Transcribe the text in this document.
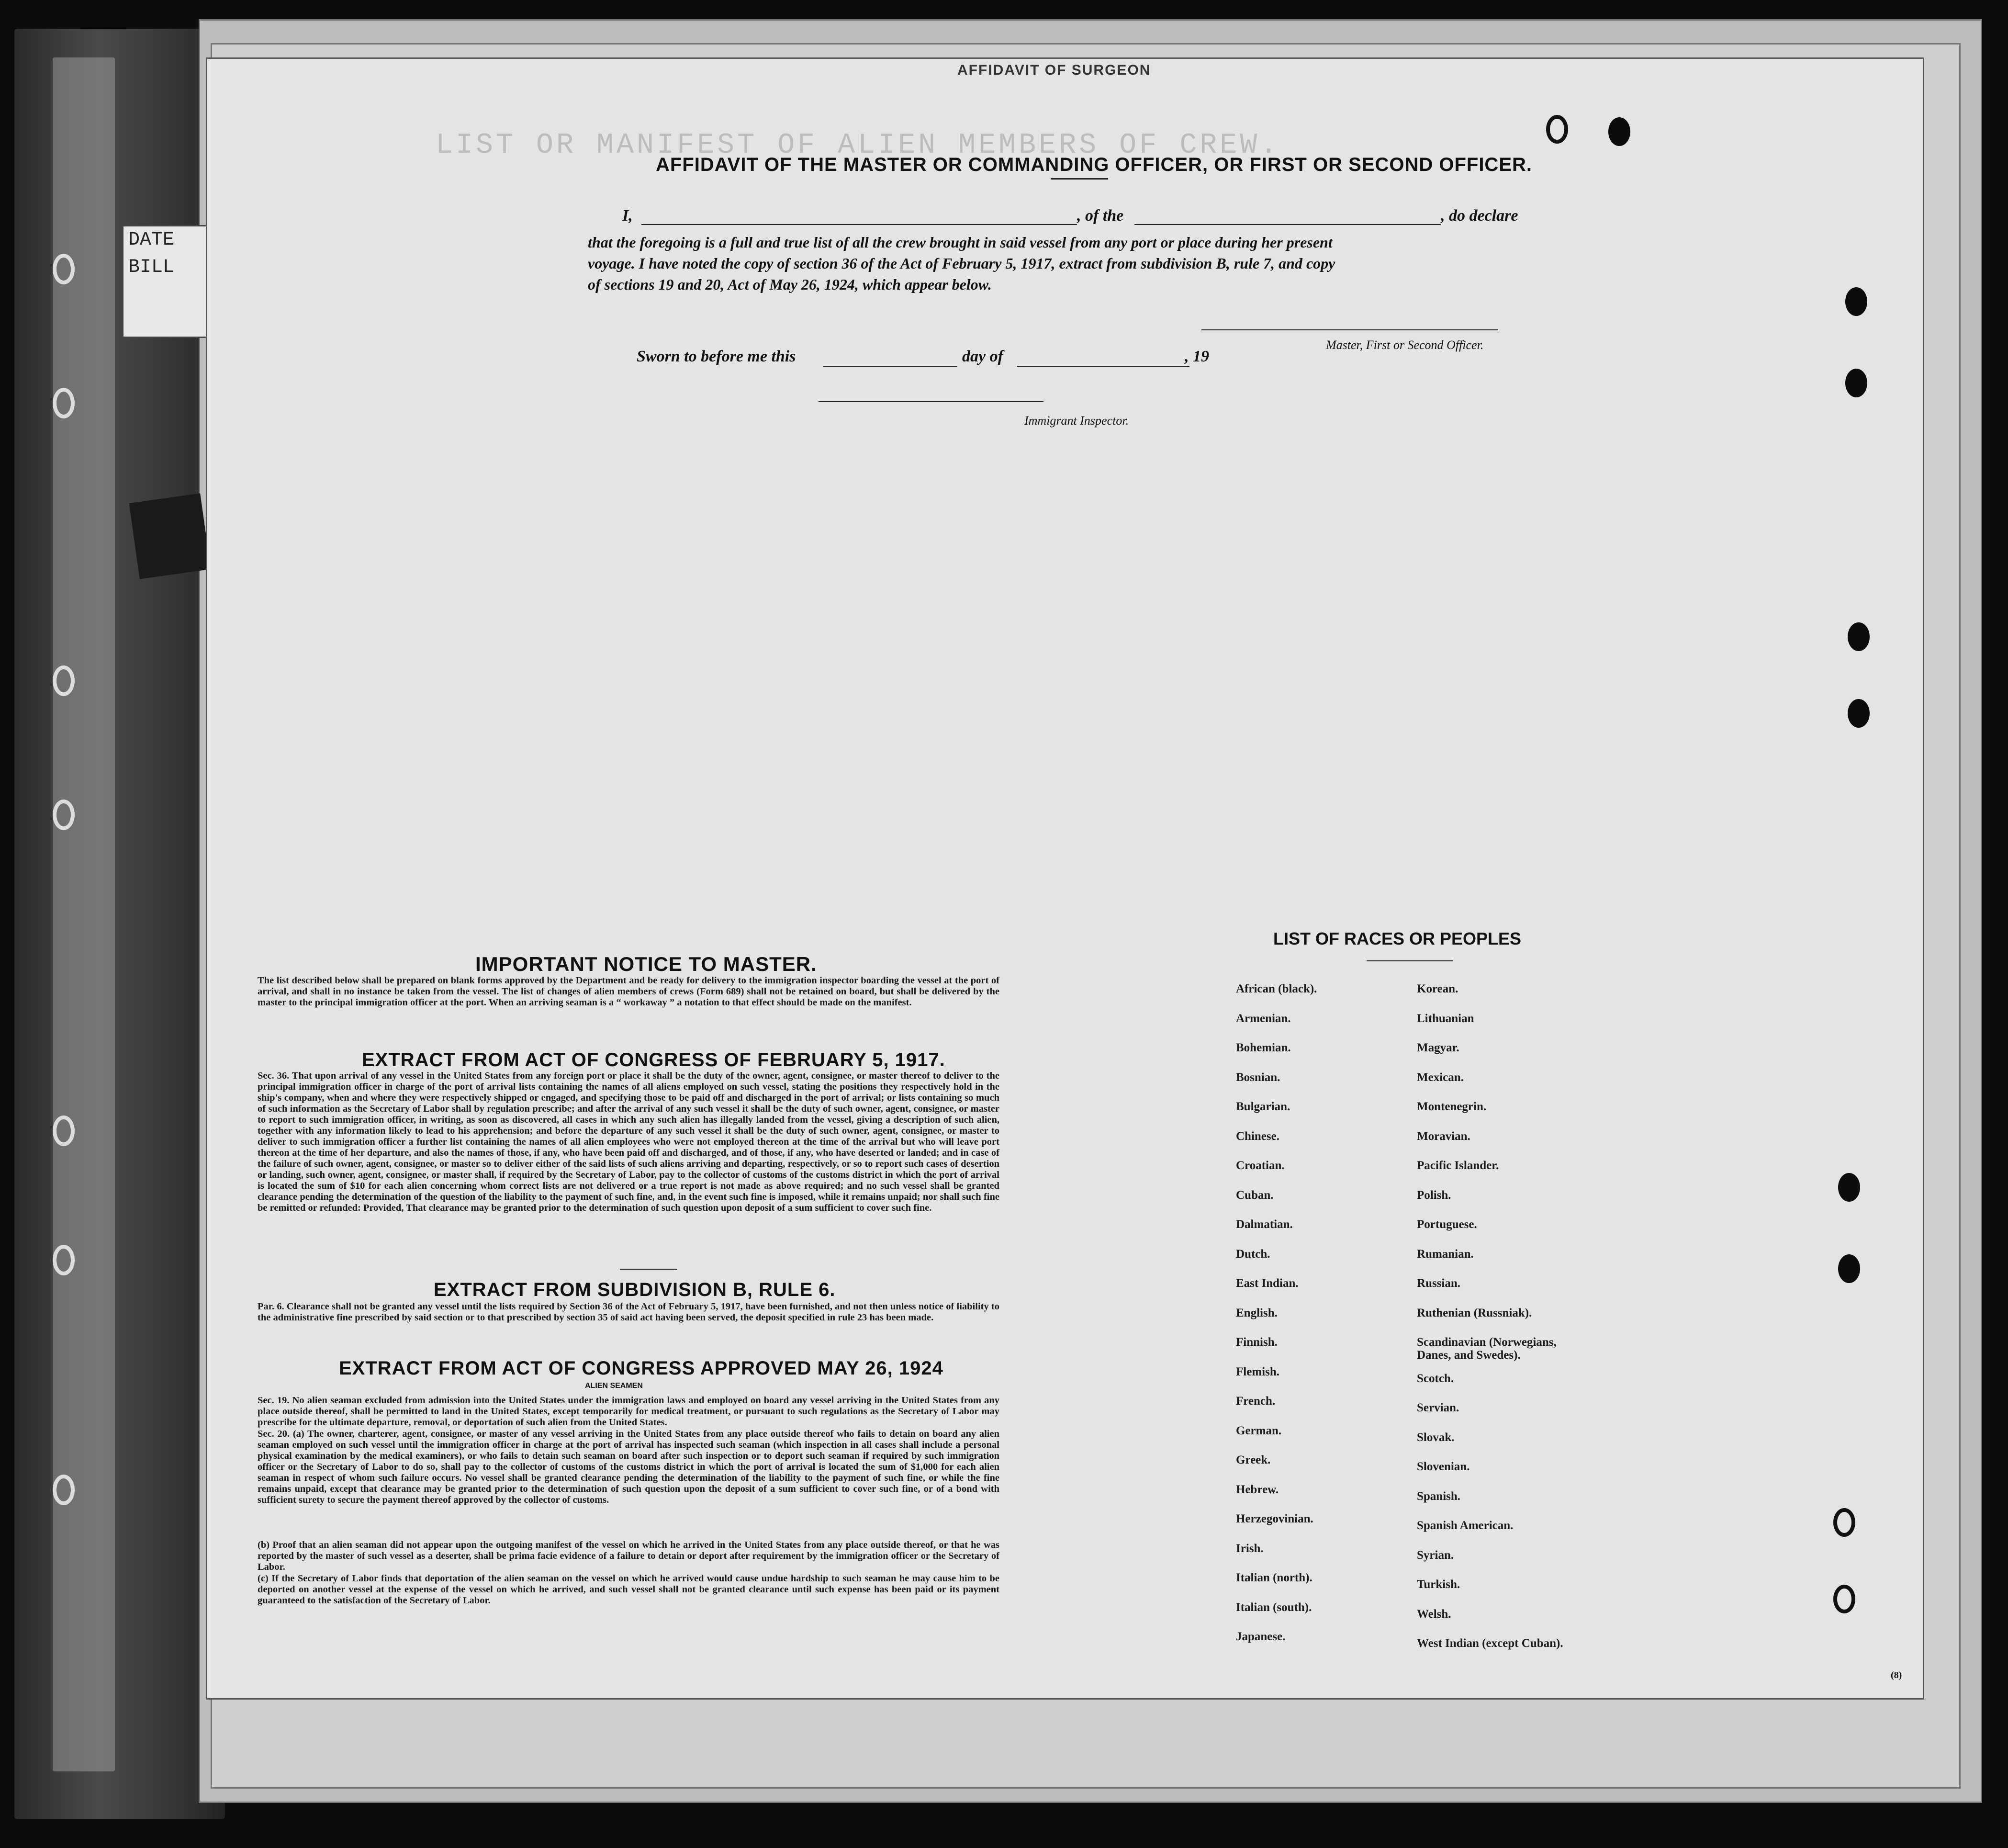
DATE
BILL
AFFIDAVIT OF SURGEON
LIST OR MANIFEST OF ALIEN MEMBERS OF CREW.
AFFIDAVIT OF THE MASTER OR COMMANDING OFFICER, OR FIRST OR SECOND OFFICER.
I,	, of the	, do declare
that the foregoing is a full and true list of all the crew brought in said vessel from any port or place during her present
voyage. I have noted the copy of section 36 of the Act of February 5, 1917, extract from subdivision B, rule 7, and copy
of sections 19 and 20, Act of May 26, 1924, which appear below.
Master, First or Second Officer.
Sworn to before me this	day of	, 19
Immigrant Inspector.
IMPORTANT NOTICE TO MASTER.
The list described below shall be prepared on blank forms approved by the Department and be ready for delivery to the immigration inspector boarding the vessel at the port of arrival, and shall in no instance be taken from the vessel. The list of changes of alien members of crews (Form 689) shall not be retained on board, but shall be delivered by the master to the principal immigration officer at the port. When an arriving seaman is a “ workaway ” a notation to that effect should be made on the manifest.
EXTRACT FROM ACT OF CONGRESS OF FEBRUARY 5, 1917.
Sec. 36. That upon arrival of any vessel in the United States from any foreign port or place it shall be the duty of the owner, agent, consignee, or master thereof to deliver to the principal immigration officer in charge of the port of arrival lists containing the names of all aliens employed on such vessel, stating the positions they respectively hold in the ship's company, when and where they were respectively shipped or engaged, and specifying those to be paid off and discharged in the port of arrival; or lists containing so much of such information as the Secretary of Labor shall by regulation prescribe; and after the arrival of any such vessel it shall be the duty of such owner, agent, consignee, or master to report to such immigration officer, in writing, as soon as discovered, all cases in which any such alien has illegally landed from the vessel, giving a description of such alien, together with any information likely to lead to his apprehension; and before the departure of any such vessel it shall be the duty of such owner, agent, consignee, or master to deliver to such immigration officer a further list containing the names of all alien employees who were not employed thereon at the time of the arrival but who will leave port thereon at the time of her departure, and also the names of those, if any, who have been paid off and discharged, and of those, if any, who have deserted or landed; and in case of the failure of such owner, agent, consignee, or master so to deliver either of the said lists of such aliens arriving and departing, respectively, or so to report such cases of desertion or landing, such owner, agent, consignee, or master shall, if required by the Secretary of Labor, pay to the collector of customs of the customs district in which the port of arrival is located the sum of $10 for each alien concerning whom correct lists are not delivered or a true report is not made as above required; and no such vessel shall be granted clearance pending the determination of the question of the liability to the payment of such fine, and, in the event such fine is imposed, while it remains unpaid; nor shall such fine be remitted or refunded: Provided, That clearance may be granted prior to the determination of such question upon deposit of a sum sufficient to cover such fine.
EXTRACT FROM SUBDIVISION B, RULE 6.
Par. 6. Clearance shall not be granted any vessel until the lists required by Section 36 of the Act of February 5, 1917, have been furnished, and not then unless notice of liability to the administrative fine prescribed by said section or to that prescribed by section 35 of said act having been served, the deposit specified in rule 23 has been made.
EXTRACT FROM ACT OF CONGRESS APPROVED MAY 26, 1924
ALIEN SEAMEN
Sec. 19. No alien seaman excluded from admission into the United States under the immigration laws and employed on board any vessel arriving in the United States from any place outside thereof, shall be permitted to land in the United States, except temporarily for medical treatment, or pursuant to such regulations as the Secretary of Labor may prescribe for the ultimate departure, removal, or deportation of such alien from the United States.
Sec. 20. (a) The owner, charterer, agent, consignee, or master of any vessel arriving in the United States from any place outside thereof who fails to detain on board any alien seaman employed on such vessel until the immigration officer in charge at the port of arrival has inspected such seaman (which inspection in all cases shall include a personal physical examination by the medical examiners), or who fails to detain such seaman on board after such inspection or to deport such seaman if required by such immigration officer or the Secretary of Labor to do so, shall pay to the collector of customs of the customs district in which the port of arrival is located the sum of $1,000 for each alien seaman in respect of whom such failure occurs. No vessel shall be granted clearance pending the determination of the liability to the payment of such fine, or while the fine remains unpaid, except that clearance may be granted prior to the determination of such question upon the deposit of a sum sufficient to cover such fine, or of a bond with sufficient surety to secure the payment thereof approved by the collector of customs.
(b) Proof that an alien seaman did not appear upon the outgoing manifest of the vessel on which he arrived in the United States from any place outside thereof, or that he was reported by the master of such vessel as a deserter, shall be prima facie evidence of a failure to detain or deport after requirement by the immigration officer or the Secretary of Labor.
(c) If the Secretary of Labor finds that deportation of the alien seaman on the vessel on which he arrived would cause undue hardship to such seaman he may cause him to be deported on another vessel at the expense of the vessel on which he arrived, and such vessel shall not be granted clearance until such expense has been paid or its payment guaranteed to the satisfaction of the Secretary of Labor.
LIST OF RACES OR PEOPLES
(8)
African (black).
Armenian.
Bohemian.
Bosnian.
Bulgarian.
Chinese.
Croatian.
Cuban.
Dalmatian.
Dutch.
East Indian.
English.
Finnish.
Flemish.
French.
German.
Greek.
Hebrew.
Herzegovinian.
Irish.
Italian (north).
Italian (south).
Japanese.
Korean.
Lithuanian
Magyar.
Mexican.
Montenegrin.
Moravian.
Pacific Islander.
Polish.
Portuguese.
Rumanian.
Russian.
Ruthenian (Russniak).
Scandinavian (Norwegians, Danes, and Swedes).
Scotch.
Servian.
Slovak.
Slovenian.
Spanish.
Spanish American.
Syrian.
Turkish.
Welsh.
West Indian (except Cuban).
